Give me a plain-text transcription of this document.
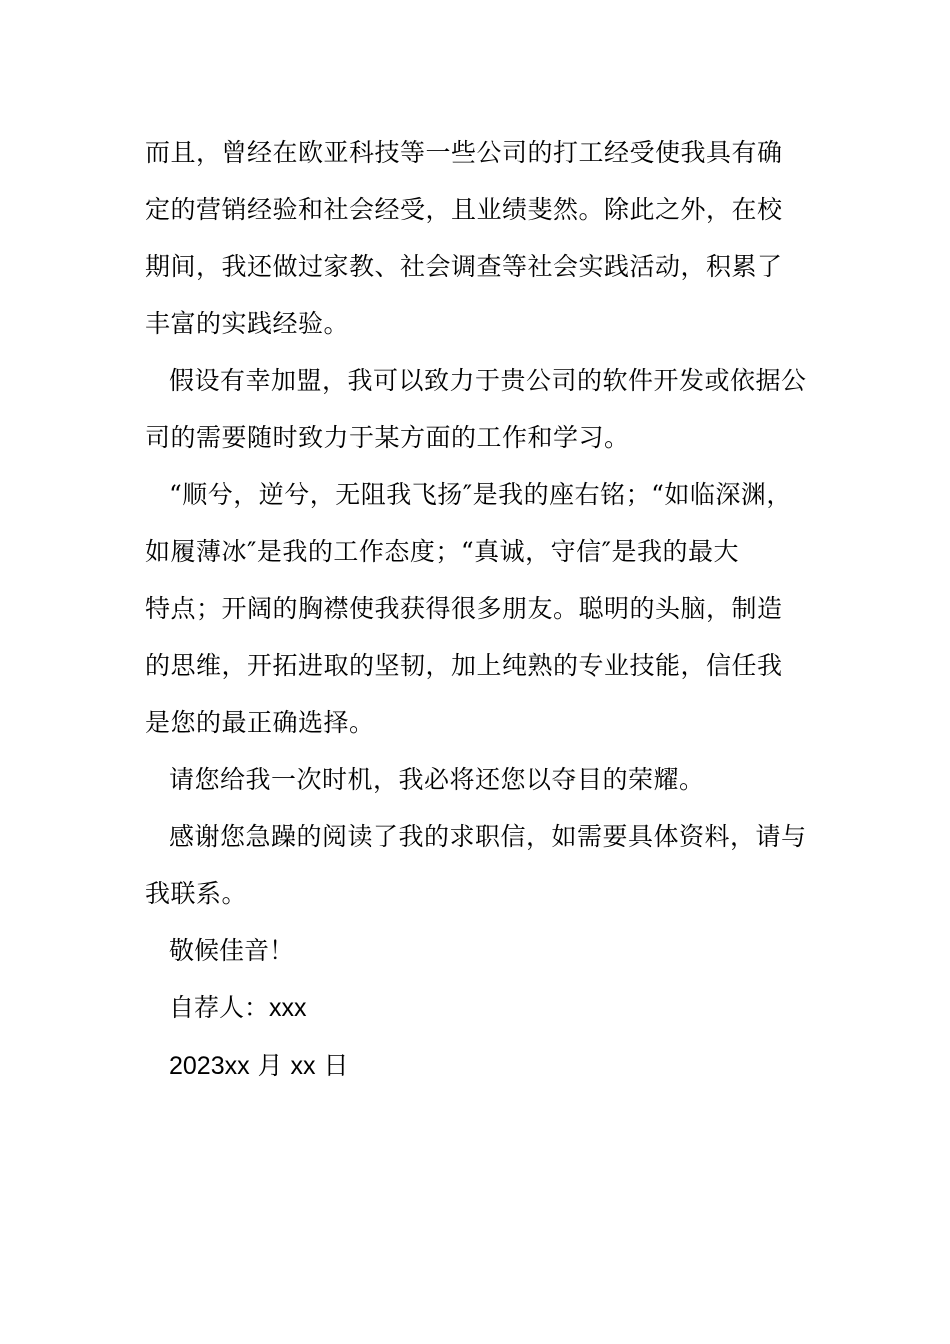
而且，曾经在欧亚科技等一些公司的打工经受使我具有确
定的营销经验和社会经受，且业绩斐然。除此之外，在校
期间，我还做过家教、社会调查等社会实践活动，积累了
丰富的实践经验。

假设有幸加盟，我可以致力于贵公司的软件开发或依据公
司的需要随时致力于某方面的工作和学习。

“顺兮，逆兮，无阻我飞扬″是我的座右铭；“如临深渊，
如履薄冰″是我的工作态度；“真诚，守信″是我的最大
特点；开阔的胸襟使我获得很多朋友。聪明的头脑，制造
的思维，开拓进取的坚韧，加上纯熟的专业技能，信任我
是您的最正确选择。

请您给我一次时机，我必将还您以夺目的荣耀。

感谢您急躁的阅读了我的求职信，如需要具体资料，请与
我联系。

敬候佳音！

自荐人：xxx

2023xx 月 xx 日
